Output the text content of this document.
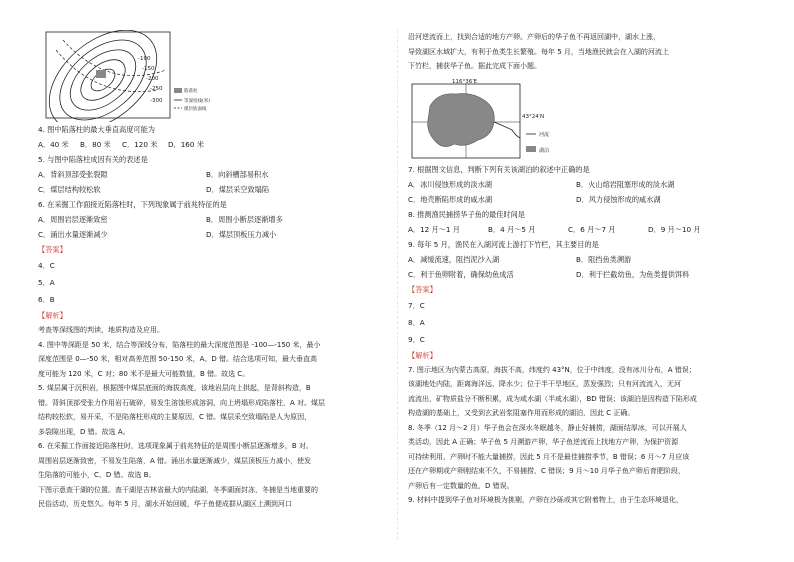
-100
-150
-200
-250
-300
陷落柱
等深度线(米)
煤层底面线
4. 图中陷落柱的最大垂直高度可能为
A．40 米	B．80 米	C．120 米	D．160 米
5. 与图中陷落柱成因有关的表述是
A．背斜顶部受张裂隙	B．向斜槽部易积水
C．煤层结构较松软	D．煤层采空致塌陷
6. 在采掘工作面接近陷落柱时，下列现象属于前兆特征的是
A．周围岩层逐渐致密	B．周围小断层逐渐增多
C．涌出水量逐渐减少	D．煤层顶板压力减小
【答案】
4．C
5．A
6．B
【解析】
考查等深线图的判读，地质构造及应用。
4. 图中等深距是 50 米，结合等深线分布，陷落柱的最大深度范围是 -100—-150 米，最小
深度范围是 0—-50 米，相对高差范围 50-150 米，A、D 错。结合选项可知，最大垂直高
度可能为 120 米，C 对；80 米不是最大可能数值，B 错。故选 C。
5. 煤层属于沉积岩，根据图中煤层底面的海拔高度，该地岩层向上拱起，是背斜构造，B
错。背斜顶部受张力作用岩石破碎，易发生溶蚀形成溶洞，向上坍塌形成陷落柱，A 对。煤层
结构较松软，易开采，不是陷落柱形成的主要原因，C 错。煤层采空致塌陷是人为原因，
多裂隙出现，D 错。故选 A。
6. 在采掘工作面接近陷落柱时，选项现象属于前兆特征的是周围小断层逐渐增多，B 对。
周围岩层逐渐致密，不易发生陷落，A 错。涌出水量逐渐减少，煤层顶板压力减小，使发
生陷落的可能小，C、D 错。故选 B。
下图示意查干湖的位置。查干湖是吉林省最大的内陆湖，冬季湖面封冻，冬捕是当地重要的
民俗活动，历史悠久。每年 5 月，湖水开始回暖，华子鱼便成群从湖区上溯到河口
沿河逆流而上，找到合适的地方产卵。产卵后的华子鱼不再返回湖中，湖水上涨，
导致湖区水域扩大，有利于鱼类生长繁殖。每年 5 月，当地渔民就会在入湖的河流上
下竹栏，捕获华子鱼。据此完成下面小题。
116°36′E
43°24′N
河流
湖泊
7. 根据图文信息，判断下列有关该湖泊的叙述中正确的是
A．冰川侵蚀形成的淡水湖	B．火山熔岩阻塞形成的淡水湖
C．地壳断陷形成的咸水湖	D．风力侵蚀形成的咸水湖
8. 推测渔民捕捞华子鱼的最佳时间是
A．12 月～1 月	B．4 月～5 月	C．6 月～7 月	D．9 月～10 月
9. 每年 5 月，渔民在入湖河流上游打下竹栏，其主要目的是
A．减缓流速，阻挡泥沙入湖	B．阻挡鱼类溯游
C．利于鱼卵附着，确保幼鱼成活	D．利于拦截幼鱼，为鱼类提供饵料
【答案】
7．C
8．A
9．C
【解析】
7. 图示地区为内蒙古高原，海拔不高，纬度约 43°N，位于中纬度，没有冰川分布，A 错误；
该湖地处内陆，距离海洋远，降水少；位于半干旱地区，蒸发强烈；只有河流流入，无河
流流出，矿物质盐分不断积累，成为咸水湖（半咸水湖），BD 错误；该湖泊是因构造下陷形成
构造湖的基础上，又受到玄武岩浆阻塞作用而形成的湖泊，因此 C 正确。
8. 冬季（12 月～2 月）华子鱼会在深水冬眠越冬，静止好捕捞，湖面结厚冰，可以开展人
类活动，因此 A 正确；华子鱼 5 月溯游产卵，华子鱼逆流而上找地方产卵，为保护资源
可持续利用，产卵时不能大量捕捞，因此 5 月不是最佳捕捞季节，B 错误；6 月～7 月应该
还在产卵期或产卵刚结束不久，不易捕捞，C 错误；9 月～10 月华子鱼产卵后育肥阶段，
产卵后有一定数量的鱼，D 错误。
9. 材料中提到华子鱼对环境极为挑剔，产卵在沙砾或其它附着物上，由于生态环境退化，
